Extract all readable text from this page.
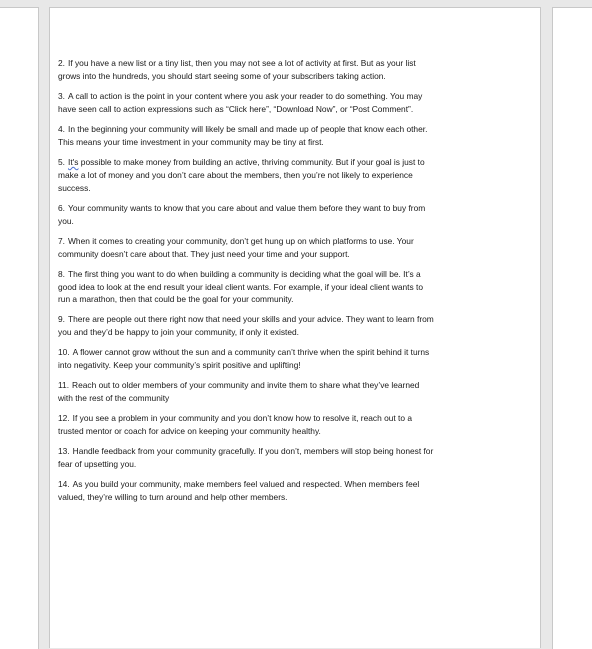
2. If you have a new list or a tiny list, then you may not see a lot of activity at first. But as your list grows into the hundreds, you should start seeing some of your subscribers taking action.

3. A call to action is the point in your content where you ask your reader to do something. You may have seen call to action expressions such as “Click here”, “Download Now”, or “Post Comment”.

4. In the beginning your community will likely be small and made up of people that know each other. This means your time investment in your community may be tiny at first.

5. It's possible to make money from building an active, thriving community. But if your goal is just to make a lot of money and you don’t care about the members, then you’re not likely to experience success.

6. Your community wants to know that you care about and value them before they want to buy from you.

7. When it comes to creating your community, don’t get hung up on which platforms to use. Your community doesn’t care about that. They just need your time and your support.

8. The first thing you want to do when building a community is deciding what the goal will be. It’s a good idea to look at the end result your ideal client wants. For example, if your ideal client wants to run a marathon, then that could be the goal for your community.

9. There are people out there right now that need your skills and your advice. They want to learn from you and they’d be happy to join your community, if only it existed.

10. A flower cannot grow without the sun and a community can’t thrive when the spirit behind it turns into negativity. Keep your community’s spirit positive and uplifting!

11. Reach out to older members of your community and invite them to share what they’ve learned with the rest of the community

12. If you see a problem in your community and you don’t know how to resolve it, reach out to a trusted mentor or coach for advice on keeping your community healthy.

13. Handle feedback from your community gracefully. If you don’t, members will stop being honest for fear of upsetting you.

14. As you build your community, make members feel valued and respected. When members feel valued, they’re willing to turn around and help other members.
